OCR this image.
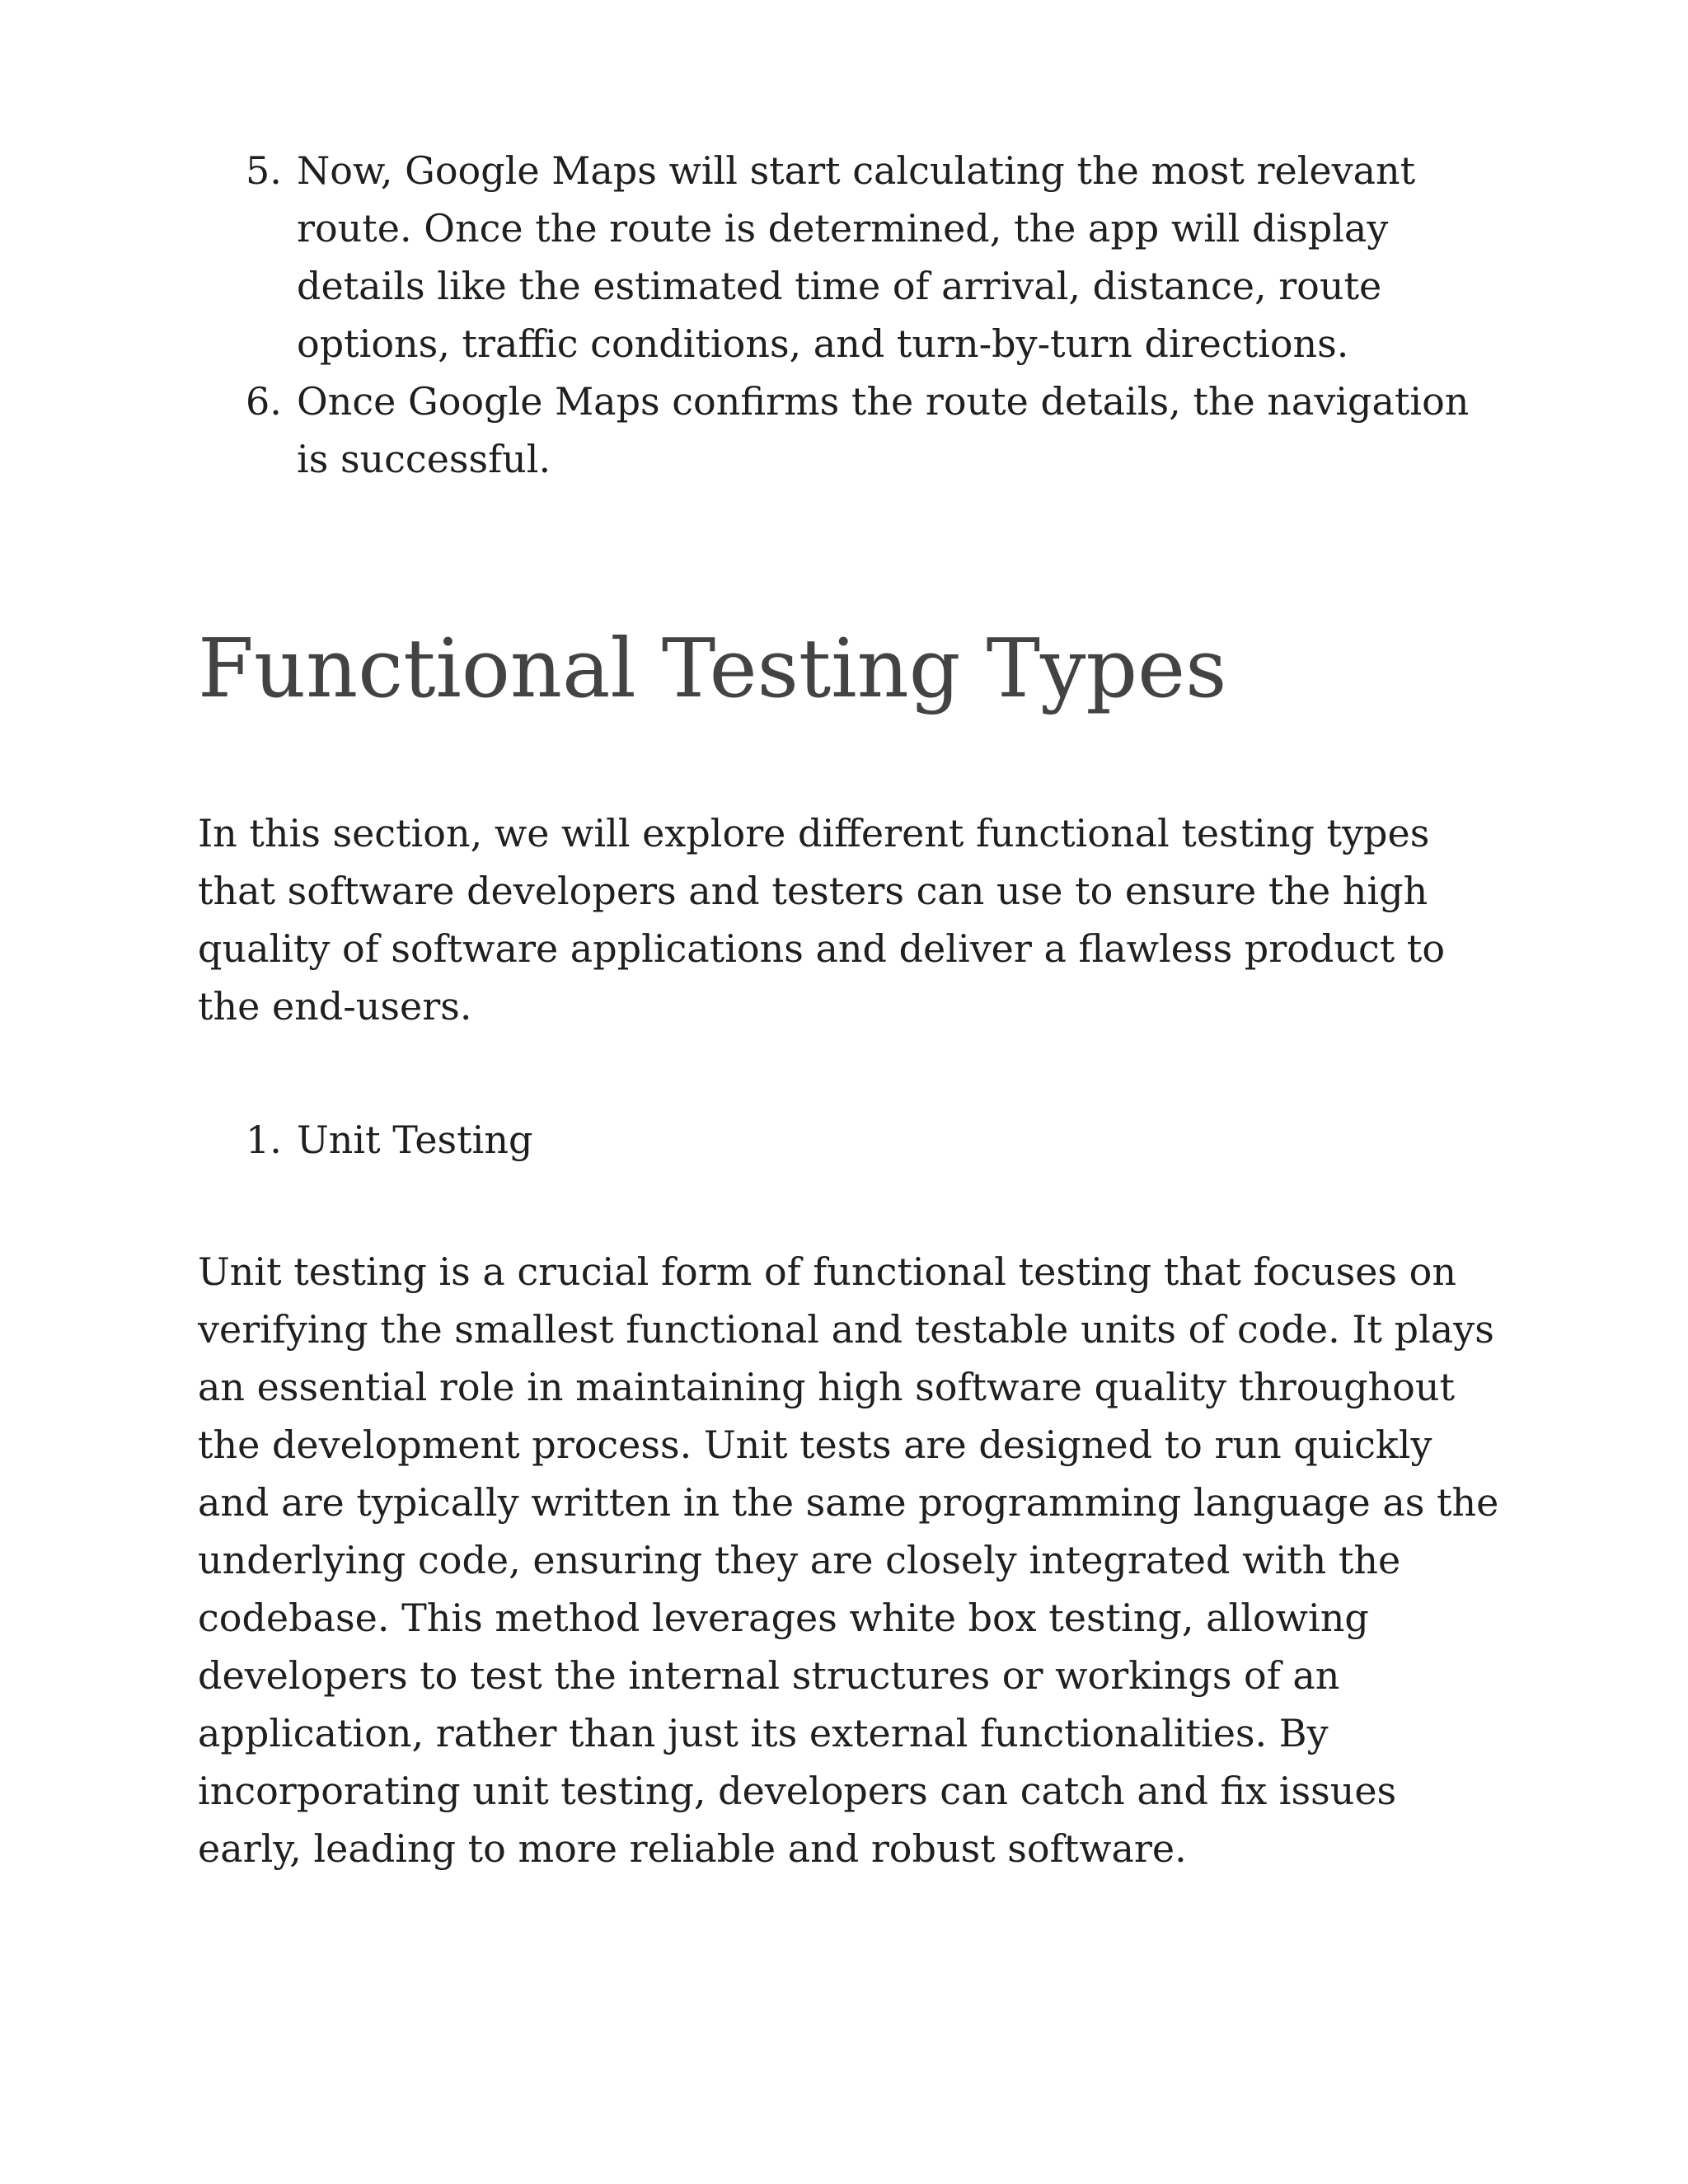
5. Now, Google Maps will start calculating the most relevant route. Once the route is determined, the app will display details like the estimated time of arrival, distance, route options, traffic conditions, and turn-by-turn directions.
6. Once Google Maps confirms the route details, the navigation is successful.
Functional Testing Types

In this section, we will explore different functional testing types that software developers and testers can use to ensure the high quality of software applications and deliver a flawless product to the end-users.

1. Unit Testing

Unit testing is a crucial form of functional testing that focuses on verifying the smallest functional and testable units of code. It plays an essential role in maintaining high software quality throughout the development process. Unit tests are designed to run quickly and are typically written in the same programming language as the underlying code, ensuring they are closely integrated with the codebase. This method leverages white box testing, allowing developers to test the internal structures or workings of an application, rather than just its external functionalities. By incorporating unit testing, developers can catch and fix issues early, leading to more reliable and robust software.
